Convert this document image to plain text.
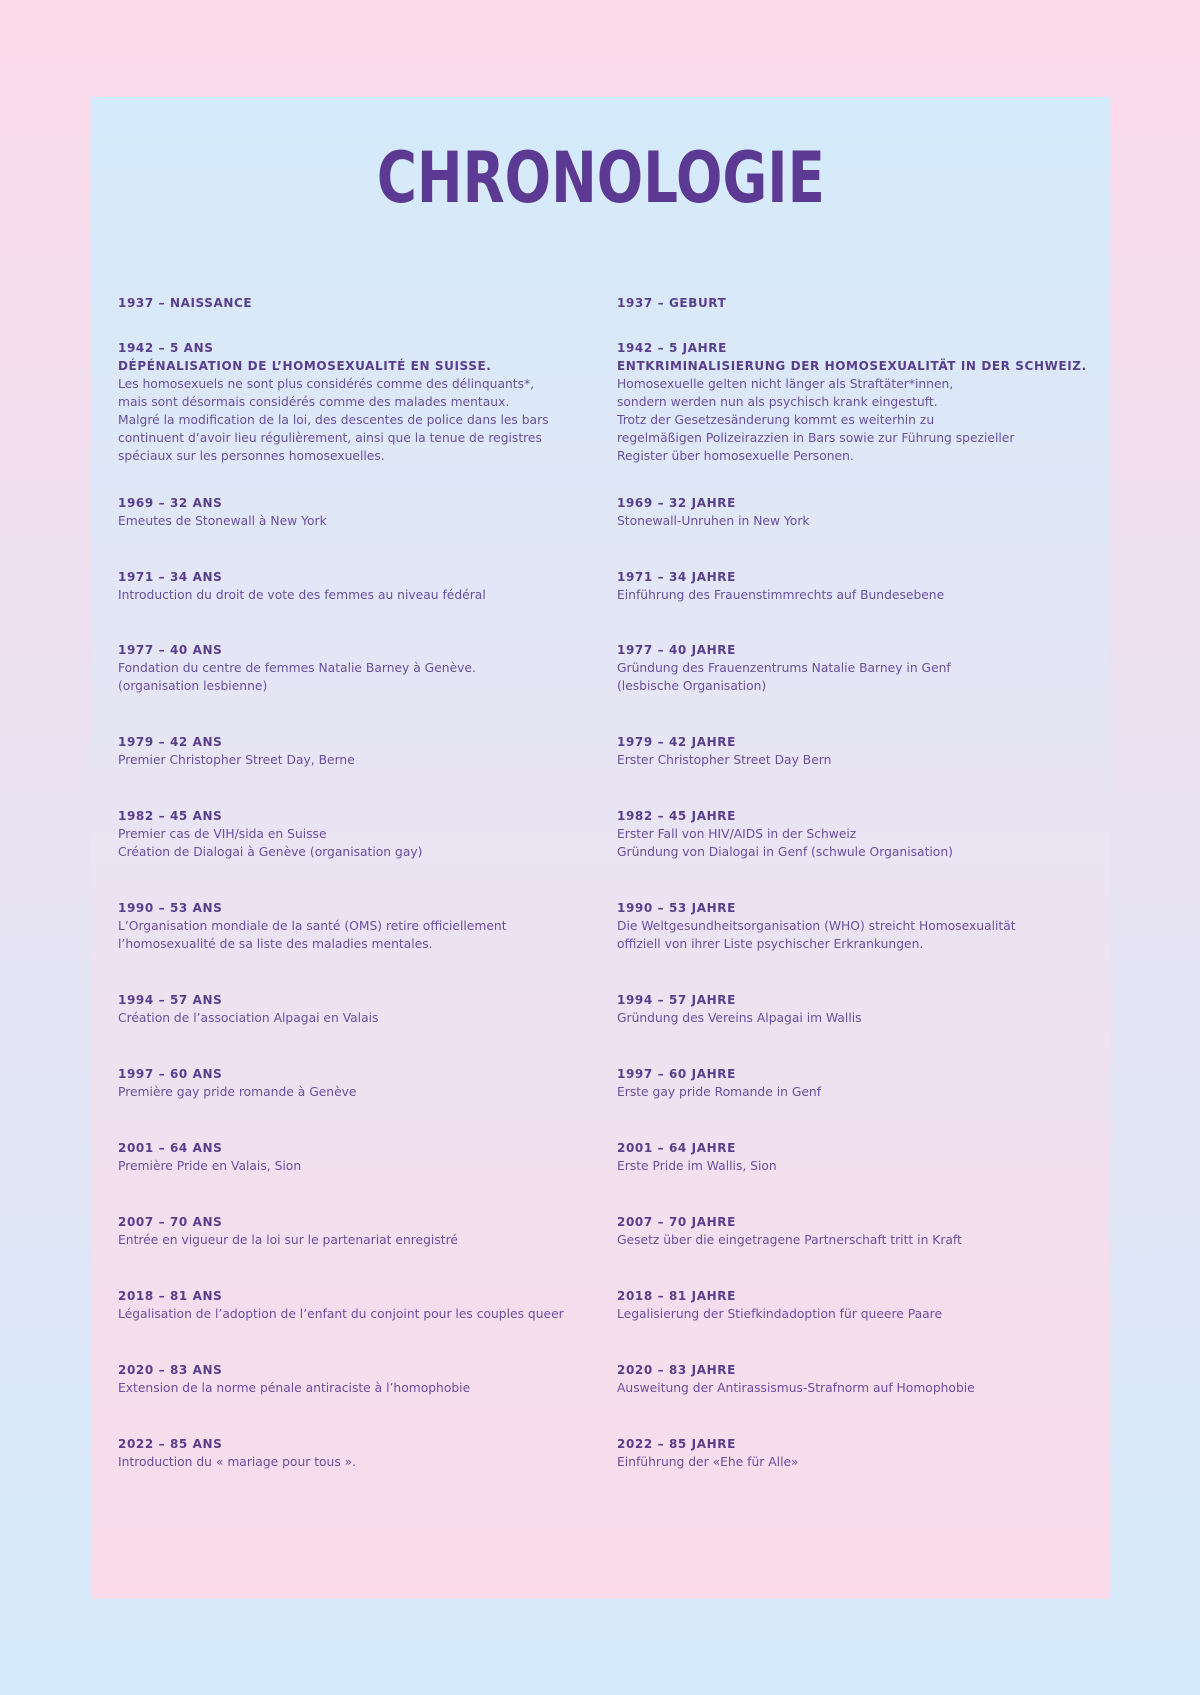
CHRONOLOGIE
1937 – NAISSANCE
1942 – 5 ANS
DÉPÉNALISATION DE L’HOMOSEXUALITÉ EN SUISSE.
Les homosexuels ne sont plus considérés comme des délinquants*,
mais sont désormais considérés comme des malades mentaux.
Malgré la modification de la loi, des descentes de police dans les bars
continuent d’avoir lieu régulièrement, ainsi que la tenue de registres
spéciaux sur les personnes homosexuelles.
1969 – 32 ANS
Emeutes de Stonewall à New York
1971 – 34 ANS
Introduction du droit de vote des femmes au niveau fédéral
1977 – 40 ANS
Fondation du centre de femmes Natalie Barney à Genève.
(organisation lesbienne)
1979 – 42 ANS
Premier Christopher Street Day, Berne
1982 – 45 ANS
Premier cas de VIH/sida en Suisse
Création de Dialogai à Genève (organisation gay)
1990 – 53 ANS
L’Organisation mondiale de la santé (OMS) retire officiellement
l’homosexualité de sa liste des maladies mentales.
1994 – 57 ANS
Création de l’association Alpagai en Valais
1997 – 60 ANS
Première gay pride romande à Genève
2001 – 64 ANS
Première Pride en Valais, Sion
2007 – 70 ANS
Entrée en vigueur de la loi sur le partenariat enregistré
2018 – 81 ANS
Légalisation de l’adoption de l’enfant du conjoint pour les couples queer
2020 – 83 ANS
Extension de la norme pénale antiraciste à l’homophobie
2022 – 85 ANS
Introduction du « mariage pour tous ».
1937 – GEBURT
1942 – 5 JAHRE
ENTKRIMINALISIERUNG DER HOMOSEXUALITÄT IN DER SCHWEIZ.
Homosexuelle gelten nicht länger als Straftäter*innen,
sondern werden nun als psychisch krank eingestuft.
Trotz der Gesetzesänderung kommt es weiterhin zu
regelmäßigen Polizeirazzien in Bars sowie zur Führung spezieller
Register über homosexuelle Personen.
1969 – 32 JAHRE
Stonewall-Unruhen in New York
1971 – 34 JAHRE
Einführung des Frauenstimmrechts auf Bundesebene
1977 – 40 JAHRE
Gründung des Frauenzentrums Natalie Barney in Genf
(lesbische Organisation)
1979 – 42 JAHRE
Erster Christopher Street Day Bern
1982 – 45 JAHRE
Erster Fall von HIV/AIDS in der Schweiz
Gründung von Dialogai in Genf (schwule Organisation)
1990 – 53 JAHRE
Die Weltgesundheitsorganisation (WHO) streicht Homosexualität
offiziell von ihrer Liste psychischer Erkrankungen.
1994 – 57 JAHRE
Gründung des Vereins Alpagai im Wallis
1997 – 60 JAHRE
Erste gay pride Romande in Genf
2001 – 64 JAHRE
Erste Pride im Wallis, Sion
2007 – 70 JAHRE
Gesetz über die eingetragene Partnerschaft tritt in Kraft
2018 – 81 JAHRE
Legalisierung der Stiefkindadoption für queere Paare
2020 – 83 JAHRE
Ausweitung der Antirassismus-Strafnorm auf Homophobie
2022 – 85 JAHRE
Einführung der «Ehe für Alle»
